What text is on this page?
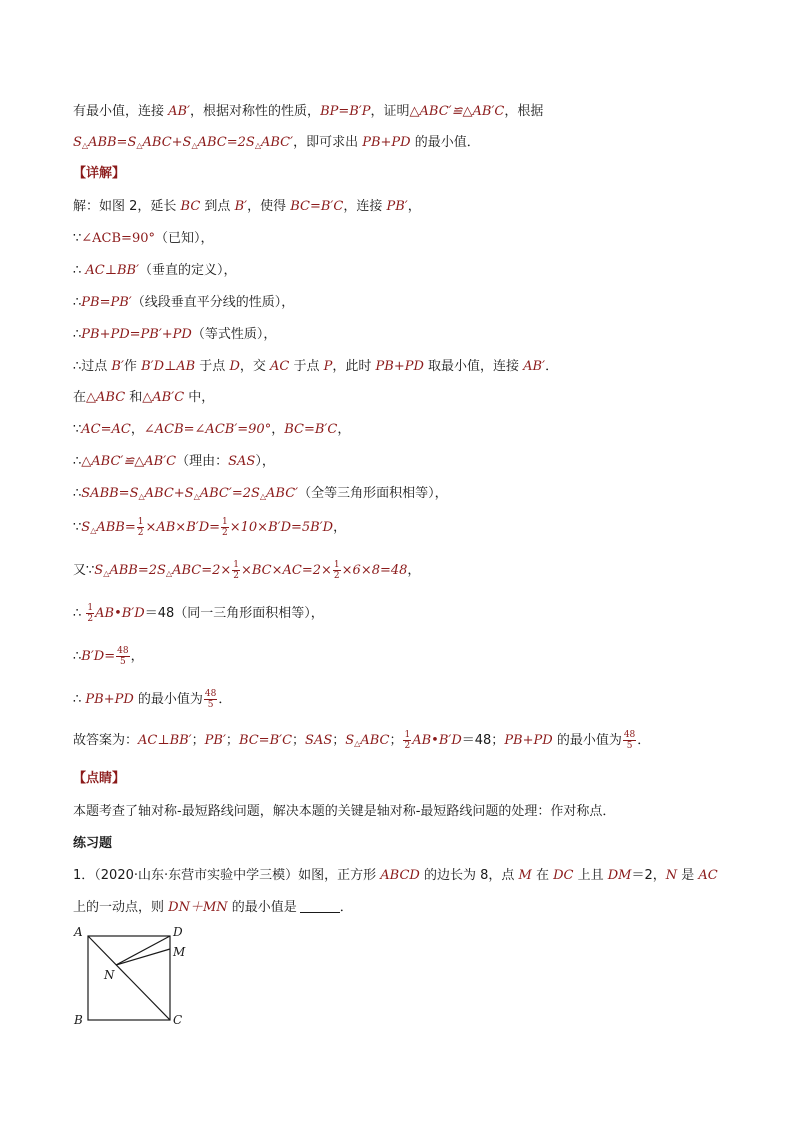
有最小值，连接 AB′，根据对称性的性质，BP=B′P，证明△ABC′≌△AB′C，根据
$S_\triangle ABB=S_\triangle ABC+S_\triangle ABC=2S_\triangle ABC'$，即可求出 PB+PD 的最小值．
【详解】
解：如图 2，延长 BC 到点 B′，使得 BC=B′C，连接 PB′，
∵∠ACB=90°（已知），
∴ AC⊥BB′（垂直的定义），
∴PB=PB′（线段垂直平分线的性质），
∴PB+PD=PB′+PD（等式性质），
∴过点 B′作 B′D⊥AB 于点 D，交 AC 于点 P，此时 PB+PD 取最小值，连接 AB′．
在△ABC 和△AB′C 中，
∵AC=AC，∠ACB=∠ACB′=90°，BC=B′C，
∴△ABC′≌△AB′C（理由：SAS），
$\therefore SABB=S_\triangle ABC+S_\triangle ABC'=2S_\triangle ABC'$（全等三角形面积相等），
$\because S_\triangle ABB= \frac{1}{2} \times AB\times B'D= \frac{1}{2} \times 10\times B'D=5B'D$，
又$\because S_\triangle ABB=2S_\triangle ABC=2\times \frac{1}{2} \times BC\times AC=2\times \frac{1}{2} \times 6\times 8=48$，
∴ $\frac{1}{2}$ AB•B′D＝48（同一三角形面积相等），
∴B′D= $\frac{48}{5}$ ，
∴ PB+PD 的最小值为 $\frac{48}{5}$ ．
故答案为：AC⊥BB′；PB′；BC=B′C；SAS；$S_\triangle ABC$； $\frac{1}{2}$ AB•B′D＝48；PB+PD 的最小值为 $\frac{48}{5}$ ．
【点睛】
本题考查了轴对称-最短路线问题，解决本题的关键是轴对称-最短路线问题的处理：作对称点．
练习题
1．（2020·山东·东营市实验中学三模）如图，正方形 ABCD 的边长为 8，点 M 在 DC 上且 DM＝2，N 是 AC
上的一动点，则 DN＋MN 的最小值是	．
A
B	C
D
M
N
